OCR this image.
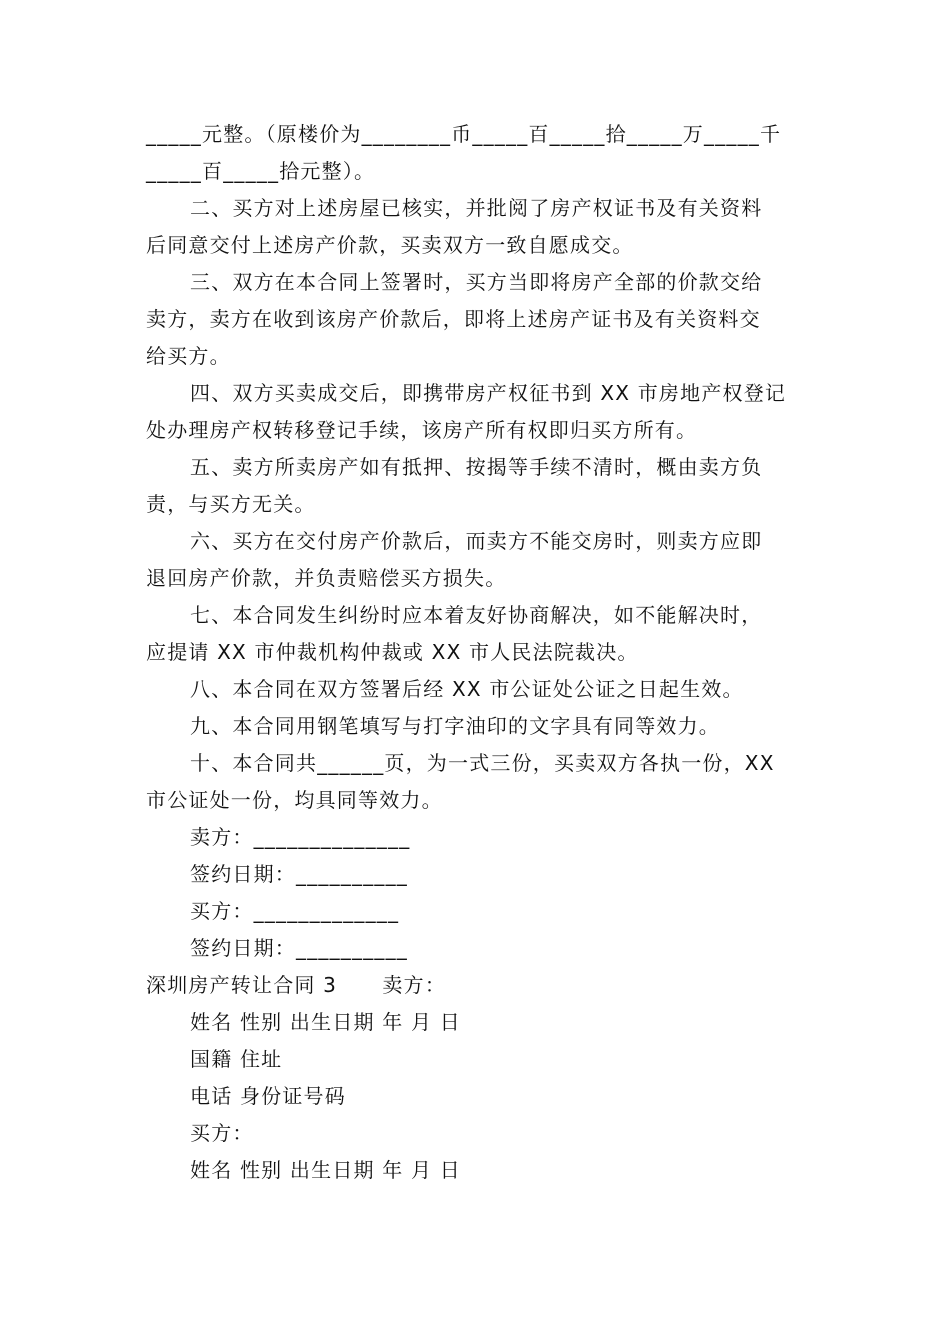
_____元整。（原楼价为________币_____百_____拾_____万_____千
_____百_____拾元整）。
二、买方对上述房屋已核实，并批阅了房产权证书及有关资料
后同意交付上述房产价款，买卖双方一致自愿成交。
三、双方在本合同上签署时，买方当即将房产全部的价款交给
卖方，卖方在收到该房产价款后，即将上述房产证书及有关资料交
给买方。
四、双方买卖成交后，即携带房产权征书到 XX 市房地产权登记
处办理房产权转移登记手续，该房产所有权即归买方所有。
五、卖方所卖房产如有抵押、按揭等手续不清时，概由卖方负
责，与买方无关。
六、买方在交付房产价款后，而卖方不能交房时，则卖方应即
退回房产价款，并负责赔偿买方损失。
七、本合同发生纠纷时应本着友好协商解决，如不能解决时，
应提请 XX 市仲裁机构仲裁或 XX 市人民法院裁决。
八、本合同在双方签署后经 XX 市公证处公证之日起生效。
九、本合同用钢笔填写与打字油印的文字具有同等效力。
十、本合同共______页，为一式三份，买卖双方各执一份，XX
市公证处一份，均具同等效力。
卖方：______________
签约日期：__________
买方：_____________
签约日期：__________
深圳房产转让合同 3      卖方：
姓名 性别 出生日期 年 月 日
国籍 住址
电话 身份证号码
买方：
姓名 性别 出生日期 年 月 日
